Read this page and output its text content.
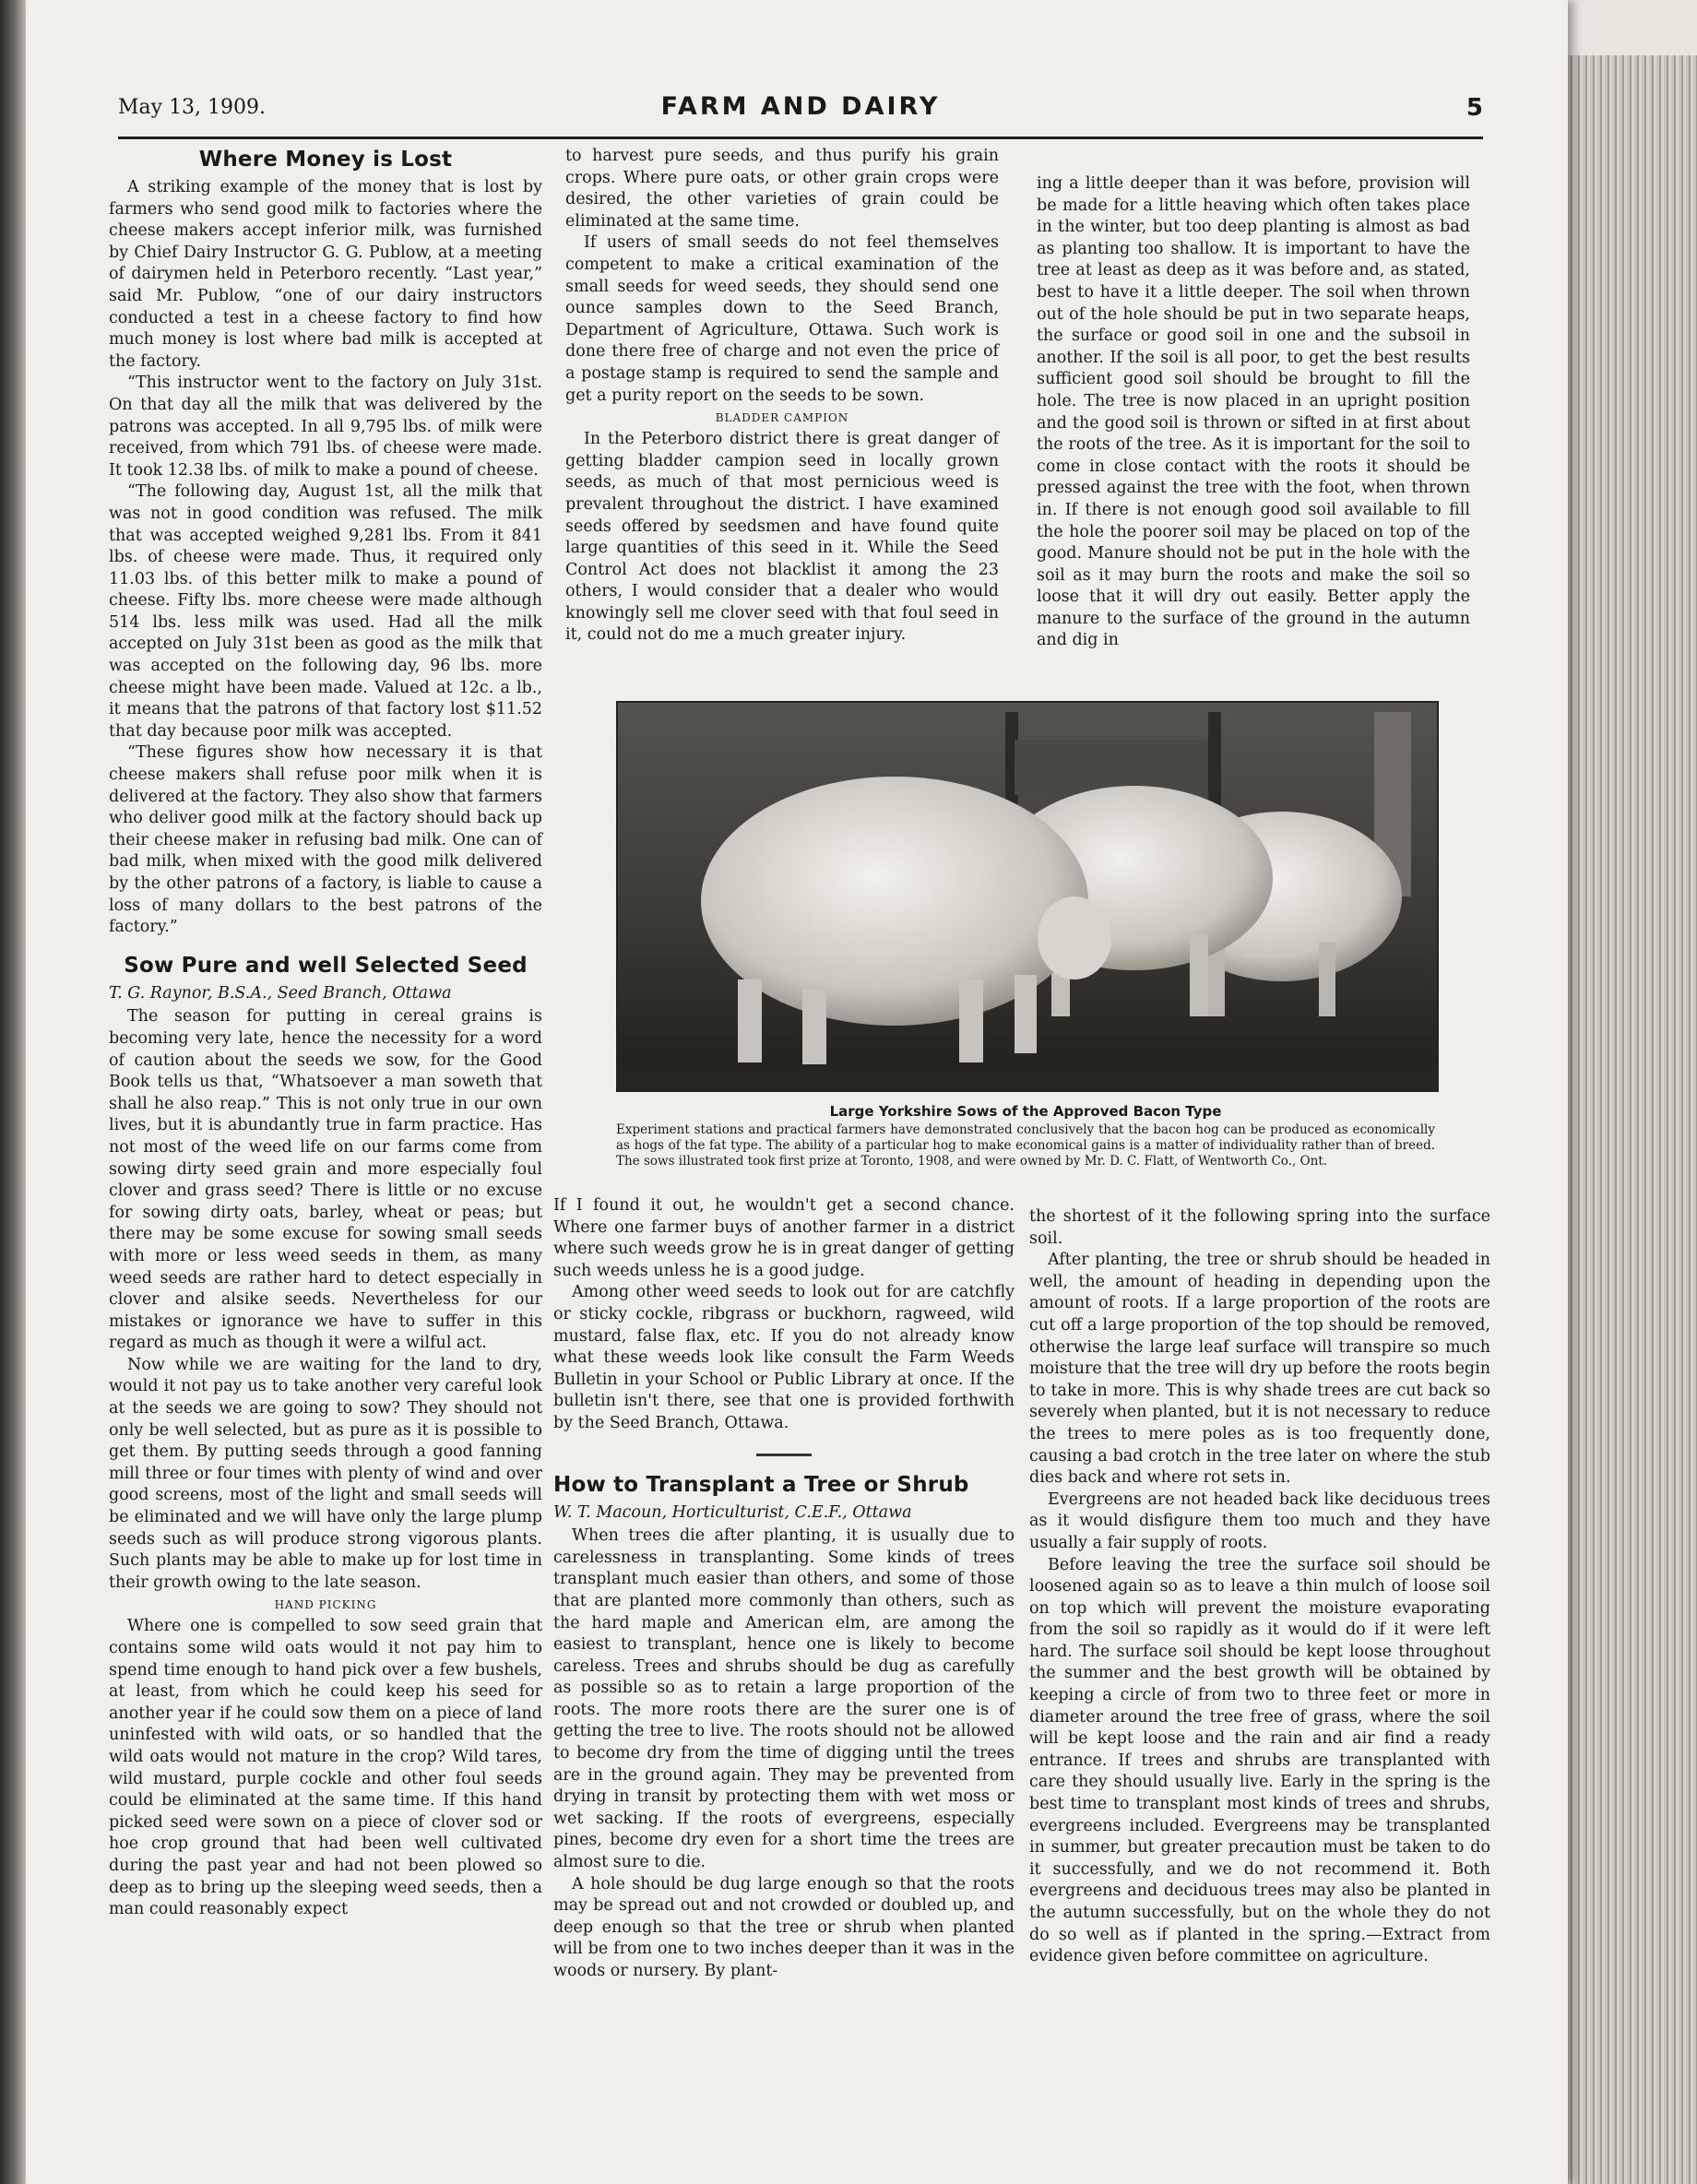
May 13, 1909.	FARM AND DAIRY	5
Where Money is Lost

A striking example of the money that is lost by farmers who send good milk to factories where the cheese makers accept inferior milk, was furnished by Chief Dairy Instructor G. G. Publow, at a meeting of dairymen held in Peterboro recently. “Last year,” said Mr. Publow, “one of our dairy instructors conducted a test in a cheese factory to find how much money is lost where bad milk is accepted at the factory.

“This instructor went to the factory on July 31st. On that day all the milk that was delivered by the patrons was accepted. In all 9,795 lbs. of milk were received, from which 791 lbs. of cheese were made. It took 12.38 lbs. of milk to make a pound of cheese.

“The following day, August 1st, all the milk that was not in good condition was refused. The milk that was accepted weighed 9,281 lbs. From it 841 lbs. of cheese were made. Thus, it required only 11.03 lbs. of this better milk to make a pound of cheese. Fifty lbs. more cheese were made although 514 lbs. less milk was used. Had all the milk accepted on July 31st been as good as the milk that was accepted on the following day, 96 lbs. more cheese might have been made. Valued at 12c. a lb., it means that the patrons of that factory lost $11.52 that day because poor milk was accepted.

“These figures show how necessary it is that cheese makers shall refuse poor milk when it is delivered at the factory. They also show that farmers who deliver good milk at the factory should back up their cheese maker in refusing bad milk. One can of bad milk, when mixed with the good milk delivered by the other patrons of a factory, is liable to cause a loss of many dollars to the best patrons of the factory.”

Sow Pure and well Selected Seed

T. G. Raynor, B.S.A., Seed Branch, Ottawa

The season for putting in cereal grains is becoming very late, hence the necessity for a word of caution about the seeds we sow, for the Good Book tells us that, “Whatsoever a man soweth that shall he also reap.” This is not only true in our own lives, but it is abundantly true in farm practice. Has not most of the weed life on our farms come from sowing dirty seed grain and more especially foul clover and grass seed? There is little or no excuse for sowing dirty oats, barley, wheat or peas; but there may be some excuse for sowing small seeds with more or less weed seeds in them, as many weed seeds are rather hard to detect especially in clover and alsike seeds. Nevertheless for our mistakes or ignorance we have to suffer in this regard as much as though it were a wilful act.

Now while we are waiting for the land to dry, would it not pay us to take another very careful look at the seeds we are going to sow? They should not only be well selected, but as pure as it is possible to get them. By putting seeds through a good fanning mill three or four times with plenty of wind and over good screens, most of the light and small seeds will be eliminated and we will have only the large plump seeds such as will produce strong vigorous plants. Such plants may be able to make up for lost time in their growth owing to the late season.

HAND PICKING

Where one is compelled to sow seed grain that contains some wild oats would it not pay him to spend time enough to hand pick over a few bushels, at least, from which he could keep his seed for another year if he could sow them on a piece of land uninfested with wild oats, or so handled that the wild oats would not mature in the crop? Wild tares, wild mustard, purple cockle and other foul seeds could be eliminated at the same time. If this hand picked seed were sown on a piece of clover sod or hoe crop ground that had been well cultivated during the past year and had not been plowed so deep as to bring up the sleeping weed seeds, then a man could reasonably expect

to harvest pure seeds, and thus purify his grain crops. Where pure oats, or other grain crops were desired, the other varieties of grain could be eliminated at the same time.

If users of small seeds do not feel themselves competent to make a critical examination of the small seeds for weed seeds, they should send one ounce samples down to the Seed Branch, Department of Agriculture, Ottawa. Such work is done there free of charge and not even the price of a postage stamp is required to send the sample and get a purity report on the seeds to be sown.

BLADDER CAMPION

In the Peterboro district there is great danger of getting bladder campion seed in locally grown seeds, as much of that most pernicious weed is prevalent throughout the district. I have examined seeds offered by seedsmen and have found quite large quantities of this seed in it. While the Seed Control Act does not blacklist it among the 23 others, I would consider that a dealer who would knowingly sell me clover seed with that foul seed in it, could not do me a much greater injury.

ing a little deeper than it was before, provision will be made for a little heaving which often takes place in the winter, but too deep planting is almost as bad as planting too shallow. It is important to have the tree at least as deep as it was before and, as stated, best to have it a little deeper. The soil when thrown out of the hole should be put in two separate heaps, the surface or good soil in one and the subsoil in another. If the soil is all poor, to get the best results sufficient good soil should be brought to fill the hole. The tree is now placed in an upright position and the good soil is thrown or sifted in at first about the roots of the tree. As it is important for the soil to come in close contact with the roots it should be pressed against the tree with the foot, when thrown in. If there is not enough good soil available to fill the hole the poorer soil may be placed on top of the good. Manure should not be put in the hole with the soil as it may burn the roots and make the soil so loose that it will dry out easily. Better apply the manure to the surface of the ground in the autumn and dig in

Large Yorkshire Sows of the Approved Bacon Type
Experiment stations and practical farmers have demonstrated conclusively that the bacon hog can be produced as economically as hogs of the fat type. The ability of a particular hog to make economical gains is a matter of individuality rather than of breed. The sows illustrated took first prize at Toronto, 1908, and were owned by Mr. D. C. Flatt, of Wentworth Co., Ont.

If I found it out, he wouldn't get a second chance. Where one farmer buys of another farmer in a district where such weeds grow he is in great danger of getting such weeds unless he is a good judge.

Among other weed seeds to look out for are catchfly or sticky cockle, ribgrass or buckhorn, ragweed, wild mustard, false flax, etc. If you do not already know what these weeds look like consult the Farm Weeds Bulletin in your School or Public Library at once. If the bulletin isn't there, see that one is provided forthwith by the Seed Branch, Ottawa.

How to Transplant a Tree or Shrub

W. T. Macoun, Horticulturist, C.E.F., Ottawa

When trees die after planting, it is usually due to carelessness in transplanting. Some kinds of trees transplant much easier than others, and some of those that are planted more commonly than others, such as the hard maple and American elm, are among the easiest to transplant, hence one is likely to become careless. Trees and shrubs should be dug as carefully as possible so as to retain a large proportion of the roots. The more roots there are the surer one is of getting the tree to live. The roots should not be allowed to become dry from the time of digging until the trees are in the ground again. They may be prevented from drying in transit by protecting them with wet moss or wet sacking. If the roots of evergreens, especially pines, become dry even for a short time the trees are almost sure to die.

A hole should be dug large enough so that the roots may be spread out and not crowded or doubled up, and deep enough so that the tree or shrub when planted will be from one to two inches deeper than it was in the woods or nursery. By plant-

the shortest of it the following spring into the surface soil.

After planting, the tree or shrub should be headed in well, the amount of heading in depending upon the amount of roots. If a large proportion of the roots are cut off a large proportion of the top should be removed, otherwise the large leaf surface will transpire so much moisture that the tree will dry up before the roots begin to take in more. This is why shade trees are cut back so severely when planted, but it is not necessary to reduce the trees to mere poles as is too frequently done, causing a bad crotch in the tree later on where the stub dies back and where rot sets in.

Evergreens are not headed back like deciduous trees as it would disfigure them too much and they have usually a fair supply of roots.

Before leaving the tree the surface soil should be loosened again so as to leave a thin mulch of loose soil on top which will prevent the moisture evaporating from the soil so rapidly as it would do if it were left hard. The surface soil should be kept loose throughout the summer and the best growth will be obtained by keeping a circle of from two to three feet or more in diameter around the tree free of grass, where the soil will be kept loose and the rain and air find a ready entrance. If trees and shrubs are transplanted with care they should usually live. Early in the spring is the best time to transplant most kinds of trees and shrubs, evergreens included. Evergreens may be transplanted in summer, but greater precaution must be taken to do it successfully, and we do not recommend it. Both evergreens and deciduous trees may also be planted in the autumn successfully, but on the whole they do not do so well as if planted in the spring.—Extract from evidence given before committee on agriculture.
